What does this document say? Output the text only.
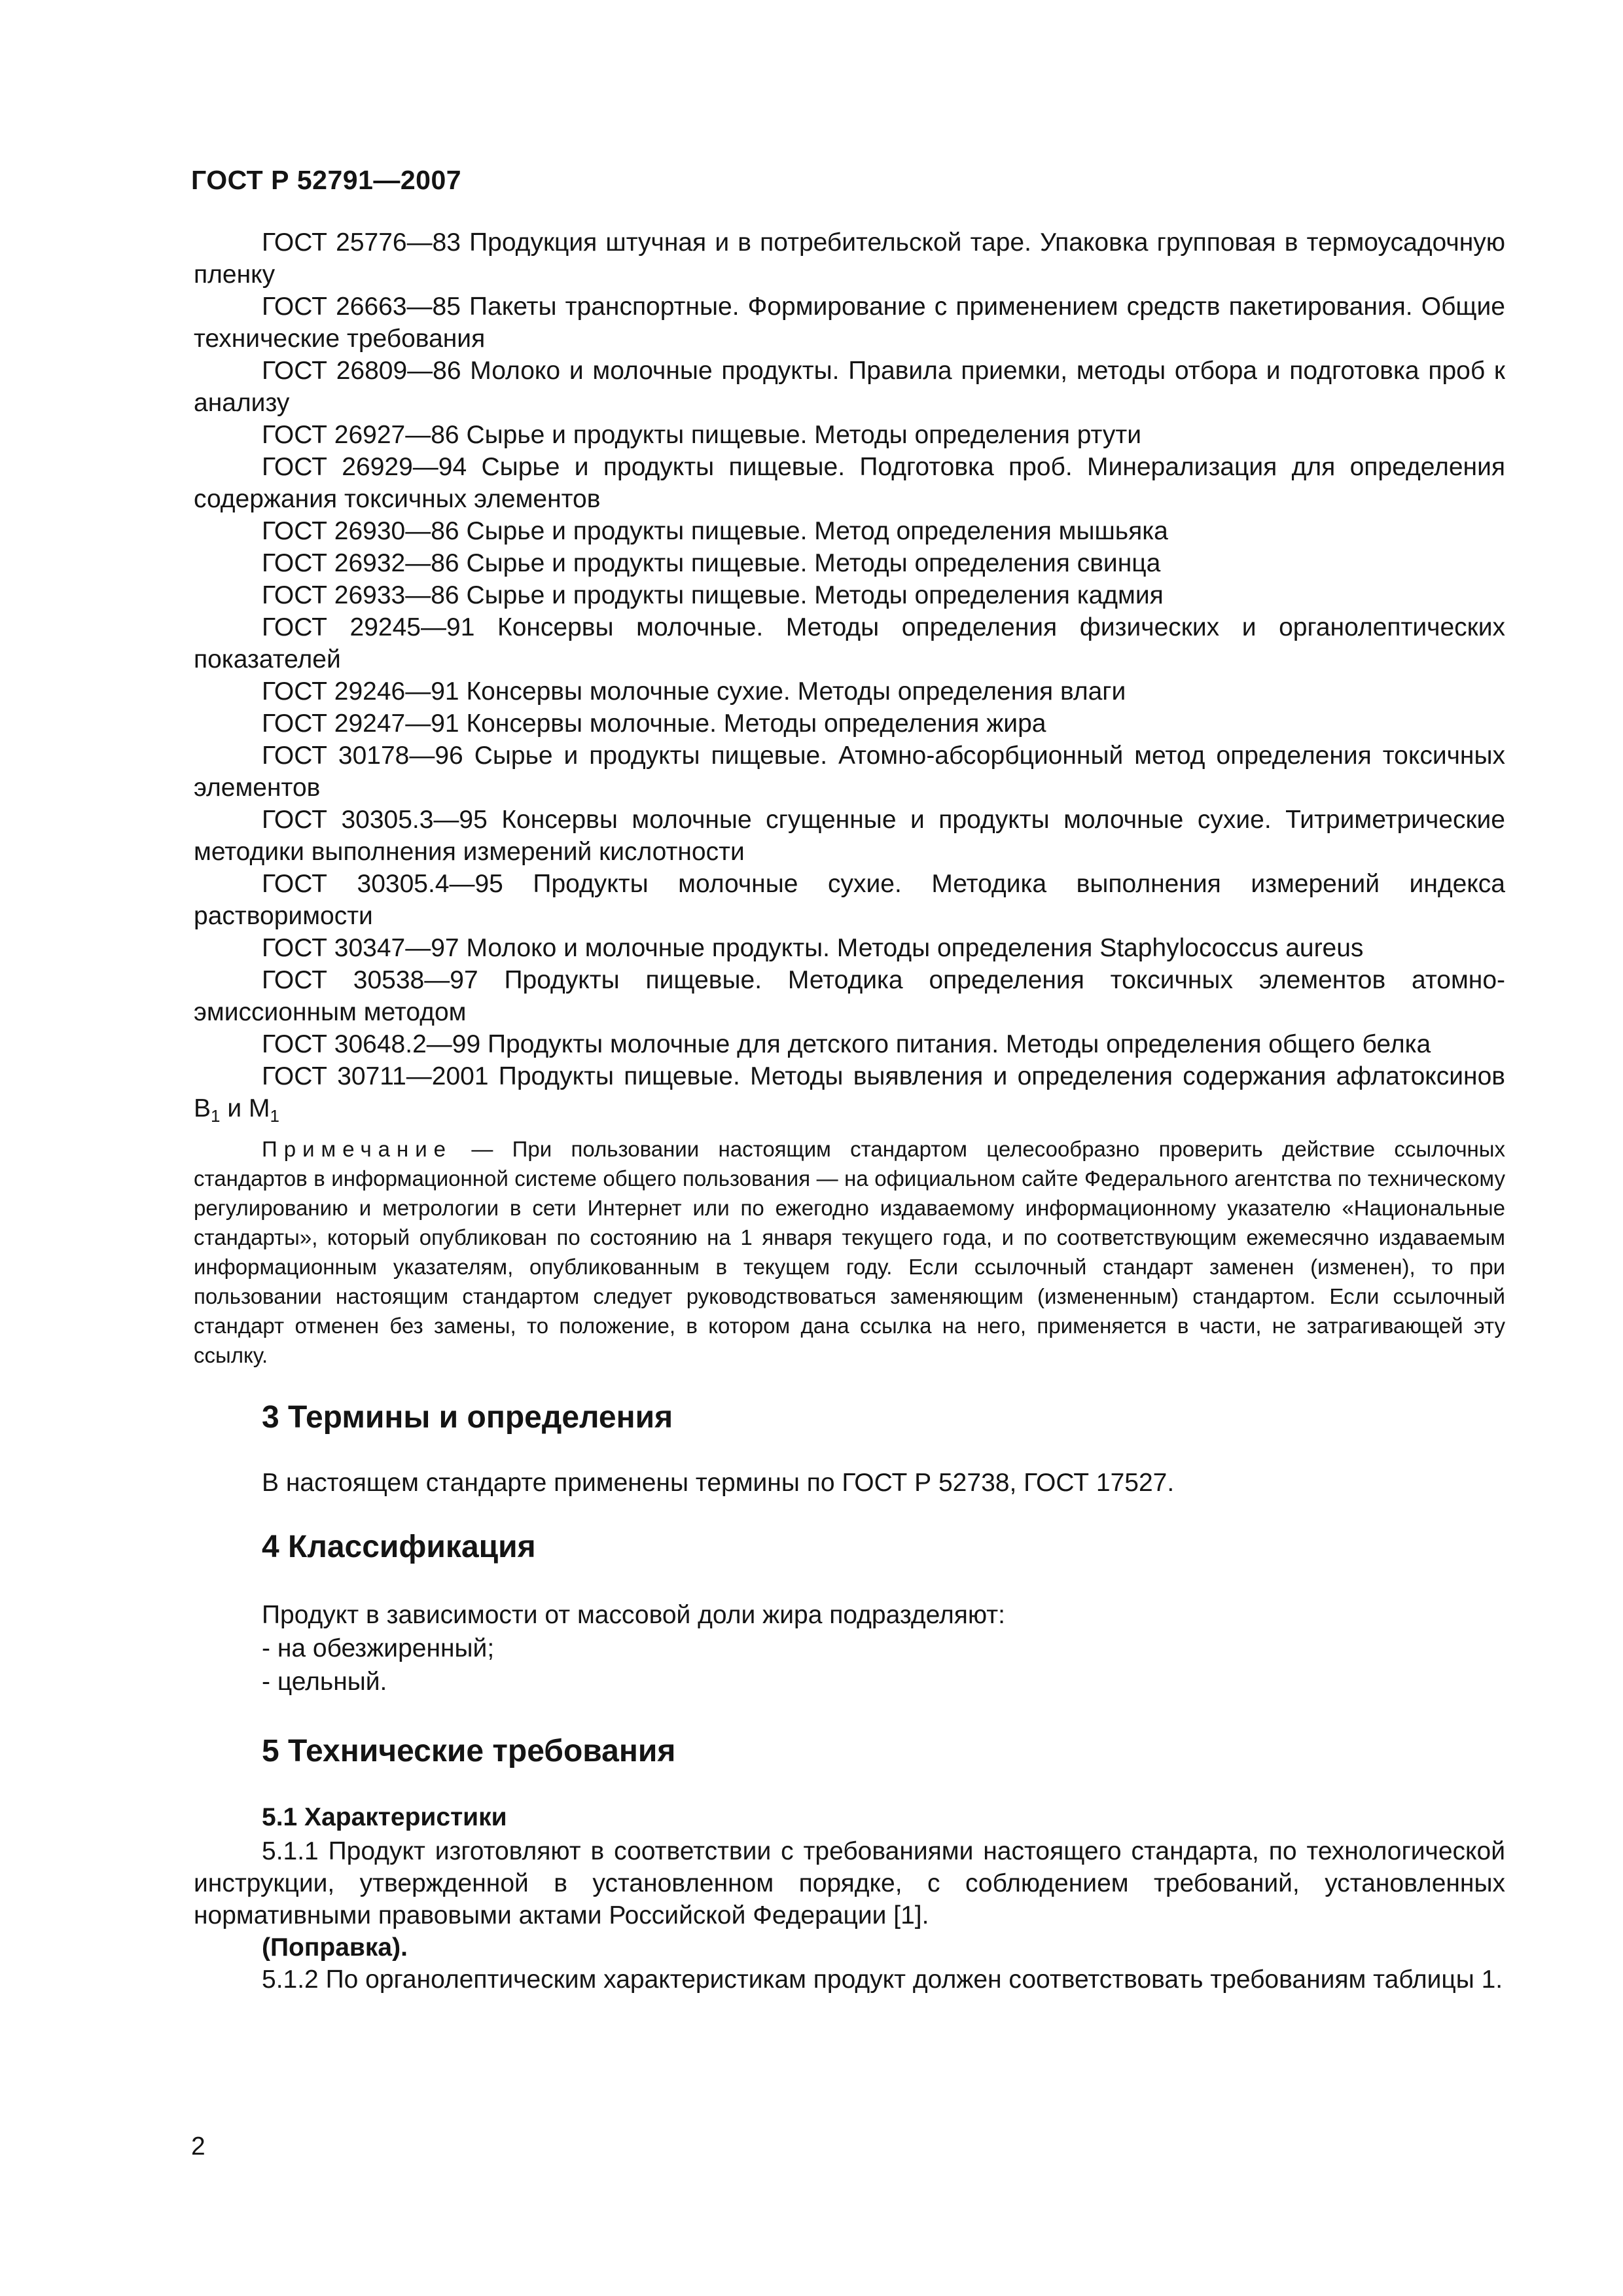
ГОСТ Р 52791—2007

ГОСТ 25776—83 Продукция штучная и в потребительской таре. Упаковка групповая в термоусадочную пленку

ГОСТ 26663—85 Пакеты транспортные. Формирование с применением средств пакетирования. Общие технические требования

ГОСТ 26809—86 Молоко и молочные продукты. Правила приемки, методы отбора и подготовка проб к анализу

ГОСТ 26927—86 Сырье и продукты пищевые. Методы определения ртути

ГОСТ 26929—94 Сырье и продукты пищевые. Подготовка проб. Минерализация для определения содержания токсичных элементов

ГОСТ 26930—86 Сырье и продукты пищевые. Метод определения мышьяка

ГОСТ 26932—86 Сырье и продукты пищевые. Методы определения свинца

ГОСТ 26933—86 Сырье и продукты пищевые. Методы определения кадмия

ГОСТ 29245—91 Консервы молочные. Методы определения физических и органолептических показателей

ГОСТ 29246—91 Консервы молочные сухие. Методы определения влаги

ГОСТ 29247—91 Консервы молочные. Методы определения жира

ГОСТ 30178—96 Сырье и продукты пищевые. Атомно-абсорбционный метод определения токсичных элементов

ГОСТ 30305.3—95 Консервы молочные сгущенные и продукты молочные сухие. Титриметрические методики выполнения измерений кислотности

ГОСТ 30305.4—95 Продукты молочные сухие. Методика выполнения измерений индекса растворимости

ГОСТ 30347—97 Молоко и молочные продукты. Методы определения Staphylococcus aureus

ГОСТ 30538—97 Продукты пищевые. Методика определения токсичных элементов атомно-эмиссионным методом

ГОСТ 30648.2—99 Продукты молочные для детского питания. Методы определения общего белка

ГОСТ 30711—2001 Продукты пищевые. Методы выявления и определения содержания афлатоксинов $В_1$ и $М_1$

Примечание — При пользовании настоящим стандартом целесообразно проверить действие ссылочных стандартов в информационной системе общего пользования — на официальном сайте Федерального агентства по техническому регулированию и метрологии в сети Интернет или по ежегодно издаваемому информационному указателю «Национальные стандарты», который опубликован по состоянию на 1 января текущего года, и по соответствующим ежемесячно издаваемым информационным указателям, опубликованным в текущем году. Если ссылочный стандарт заменен (изменен), то при пользовании настоящим стандартом следует руководствоваться заменяющим (измененным) стандартом. Если ссылочный стандарт отменен без замены, то положение, в котором дана ссылка на него, применяется в части, не затрагивающей эту ссылку.

3 Термины и определения

В настоящем стандарте применены термины по ГОСТ Р 52738, ГОСТ 17527.

4 Классификация

Продукт в зависимости от массовой доли жира подразделяют:

- на обезжиренный;

- цельный.

5 Технические требования

5.1 Характеристики

5.1.1 Продукт изготовляют в соответствии с требованиями настоящего стандарта, по технологической инструкции, утвержденной в установленном порядке, с соблюдением требований, установленных нормативными правовыми актами Российской Федерации [1].

(Поправка).

5.1.2 По органолептическим характеристикам продукт должен соответствовать требованиям таблицы 1.

2
